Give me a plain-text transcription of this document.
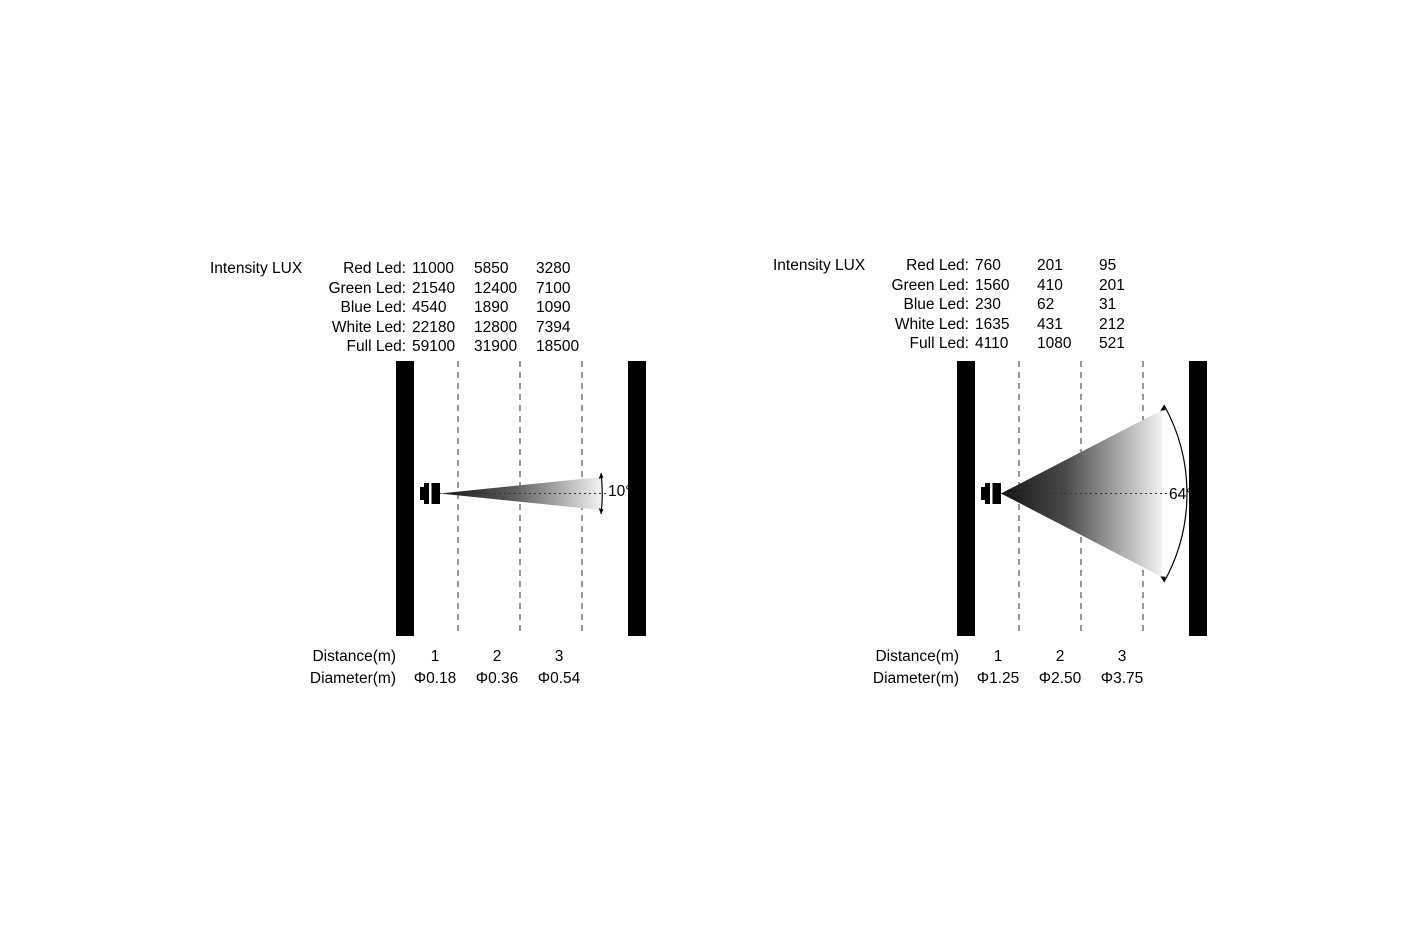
Intensity LUX	Red Led: 11000	5850	3280
Green Led: 21540	12400	7100
Blue Led: 4540	1890	1090
White Led: 22180	12800	7394
Full Led: 59100	31900	18500
10°
Distance(m)	1	2	3
Diameter(m)	Φ0.18	Φ0.36	Φ0.54
Intensity LUX	Red Led: 760	201	95
Green Led: 1560	410	201
Blue Led: 230	62	31
White Led: 1635	431	212
Full Led: 4110	1080	521
64°
Distance(m)	1	2	3
Diameter(m)	Φ1.25	Φ2.50	Φ3.75
